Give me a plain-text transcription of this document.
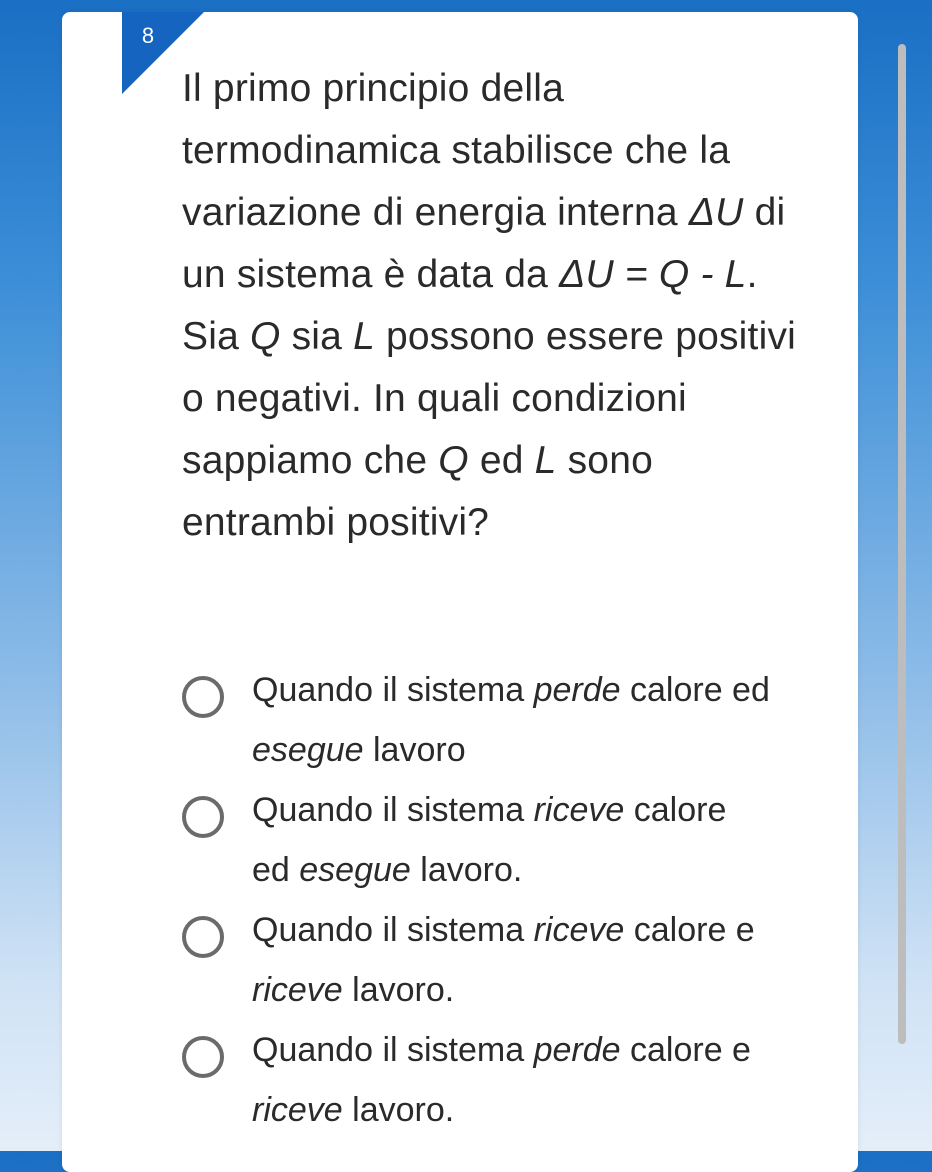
8
Il primo principio della termodinamica stabilisce che la variazione di energia interna ΔU di un sistema è data da ΔU = Q - L. Sia Q sia L possono essere positivi o negativi. In quali condizioni sappiamo che Q ed L sono entrambi positivi?
Quando il sistema perde calore ed esegue lavoro
Quando il sistema riceve calore ed esegue lavoro.
Quando il sistema riceve calore e riceve lavoro.
Quando il sistema perde calore e riceve lavoro.
